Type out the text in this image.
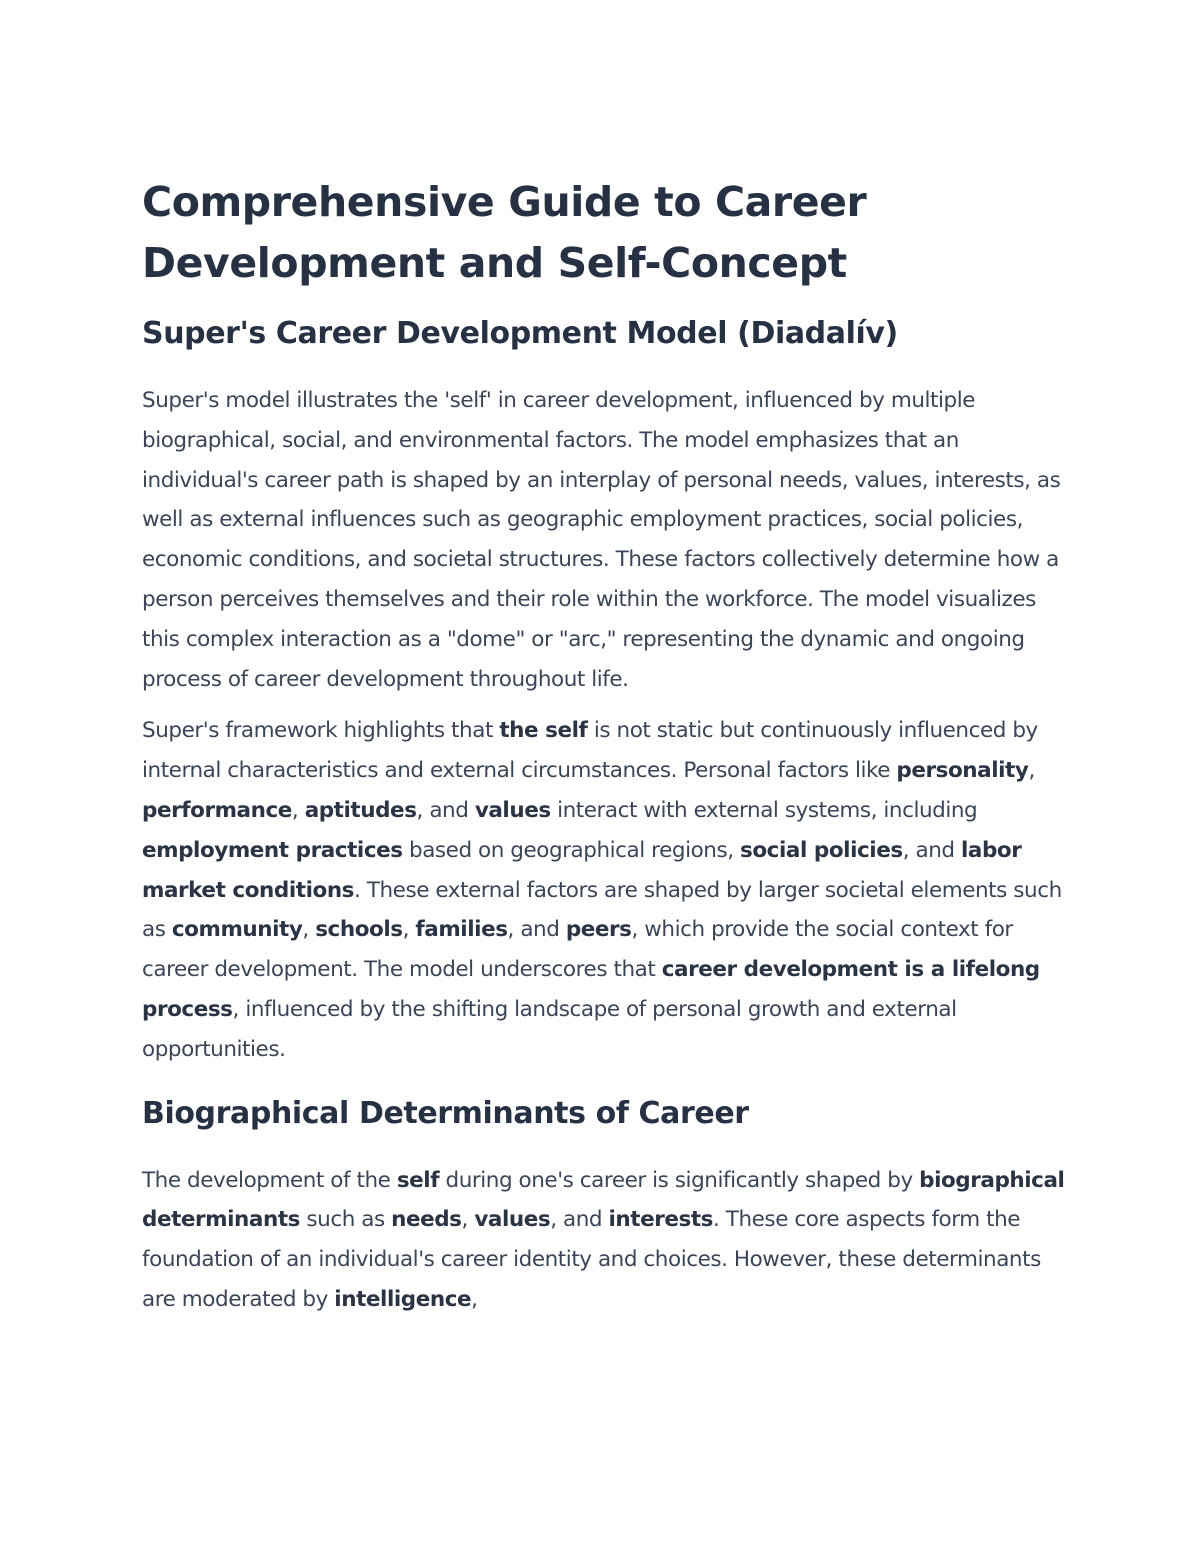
Comprehensive Guide to Career Development and Self-Concept
Super's Career Development Model (Diadalív)

Super's model illustrates the 'self' in career development, influenced by multiple biographical, social, and environmental factors. The model emphasizes that an individual's career path is shaped by an interplay of personal needs, values, interests, as well as external influences such as geographic employment practices, social policies, economic conditions, and societal structures. These factors collectively determine how a person perceives themselves and their role within the workforce. The model visualizes this complex interaction as a "dome" or "arc," representing the dynamic and ongoing process of career development throughout life.

Super's framework highlights that the self is not static but continuously influenced by internal characteristics and external circumstances. Personal factors like personality, performance, aptitudes, and values interact with external systems, including employment practices based on geographical regions, social policies, and labor market conditions. These external factors are shaped by larger societal elements such as community, schools, families, and peers, which provide the social context for career development. The model underscores that career development is a lifelong process, influenced by the shifting landscape of personal growth and external opportunities.

Biographical Determinants of Career

The development of the self during one's career is significantly shaped by biographical determinants such as needs, values, and interests. These core aspects form the foundation of an individual's career identity and choices. However, these determinants are moderated by intelligence,
